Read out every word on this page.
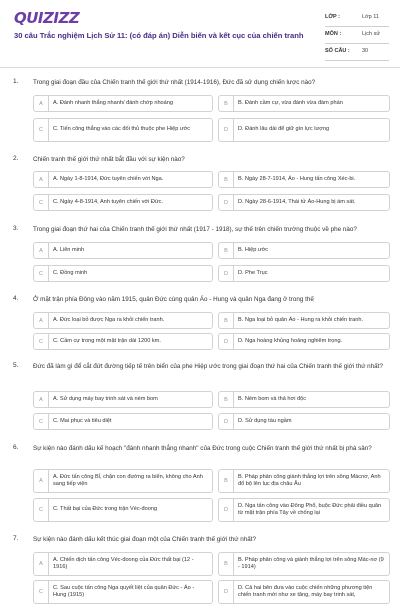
QUIZIZZ
30 câu Trắc nghiệm Lịch Sử 11: (có đáp án) Diễn biến và kết cục của chiến tranh
LỚP :	Lớp 11
MÔN :	Lịch sử
SỐ CÂU : 30
1. Trong giai đoạn đầu của Chiến tranh thế giới thứ nhất (1914-1916), Đức đã sử dụng chiến lược nào?
A	A. Đánh nhanh thắng nhanh/ đánh chớp nhoáng	B	B. Đánh cầm cự, vừa đánh vừa đàm phán
C	C. Tiến công thẳng vào các đối thủ thuộc phe Hiệp ước	D	D. Đánh lâu dài để giữ gìn lực lượng
2. Chiến tranh thế giới thứ nhất bắt đầu với sự kiện nào?
A	A. Ngày 1-8-1914, Đức tuyên chiến với Nga.	B	B. Ngày 28-7-1914, Áo - Hung tấn công Xéc-bi.
C	C. Ngày 4-8-1914, Anh tuyên chiến với Đức.	D	D. Ngày 28-6-1914, Thái tử Áo-Hung bị ám sát.
3. Trong giai đoạn thứ hai của Chiến tranh thế giới thứ nhất (1917 - 1918), sự thế trên chiến trường thuộc về phe nào?
A	A. Liên minh	B	B. Hiệp ước
C	C. Đồng minh	D	D. Phe Trục
4. Ở mặt trận phía Đông vào năm 1915, quân Đức cùng quân Áo - Hung và quân Nga đang ở trong thế
A	A. Đức loại bỏ được Nga ra khỏi chiến tranh.	B	B. Nga loại bỏ quân Áo - Hung ra khỏi chiến tranh.
C	C. Cầm cự trong một mặt trận dài 1200 km.	D	D. Nga hoàng khủng hoảng nghiêm trọng.
5. Đức đã làm gì để cắt đứt đường tiếp tế trên biển của phe Hiệp ước trong giai đoạn thứ hai của Chiến tranh thế giới thứ nhất?
A	A. Sử dụng máy bay trinh sát và ném bom	B	B. Ném bom và thả hơi độc
C	C. Mai phục và tiêu diệt	D	D. Sử dụng tàu ngầm
6. Sự kiện nào đánh dấu kế hoạch "đánh nhanh thắng nhanh" của Đức trong cuộc Chiến tranh thế giới thứ nhất bị phá sản?
A
A. Đức tấn công Bỉ, chặn con đường ra biển, không cho Anh sang tiếp viện	B
B. Pháp phản công giành thắng lợi trên sông Mácnơ, Anh đổ bộ lên lục địa châu Âu
C	C. Thất bại của Đức trong trận Véc-đoong	D
D. Nga tấn công vào Đông Phổ, buộc Đức phải điều quân từ mặt trận phía Tây về chống lại
7. Sự kiện nào đánh dấu kết thúc giai đoạn một của Chiến tranh thế giới thứ nhất?
A
A. Chiến dịch tấn công Véc-đoong của Đức thất bại (12 - 1916)	B
B. Pháp phản công và giành thắng lợi trên sông Mác-nơ (9 - 1914)
C
C. Sau cuộc tấn công Nga quyết liệt của quân Đức - Áo - Hung (1915)	D
D. Cả hai bên đưa vào cuộc chiến những phương tiện chiến tranh mới như xe tăng, máy bay trinh sát,
